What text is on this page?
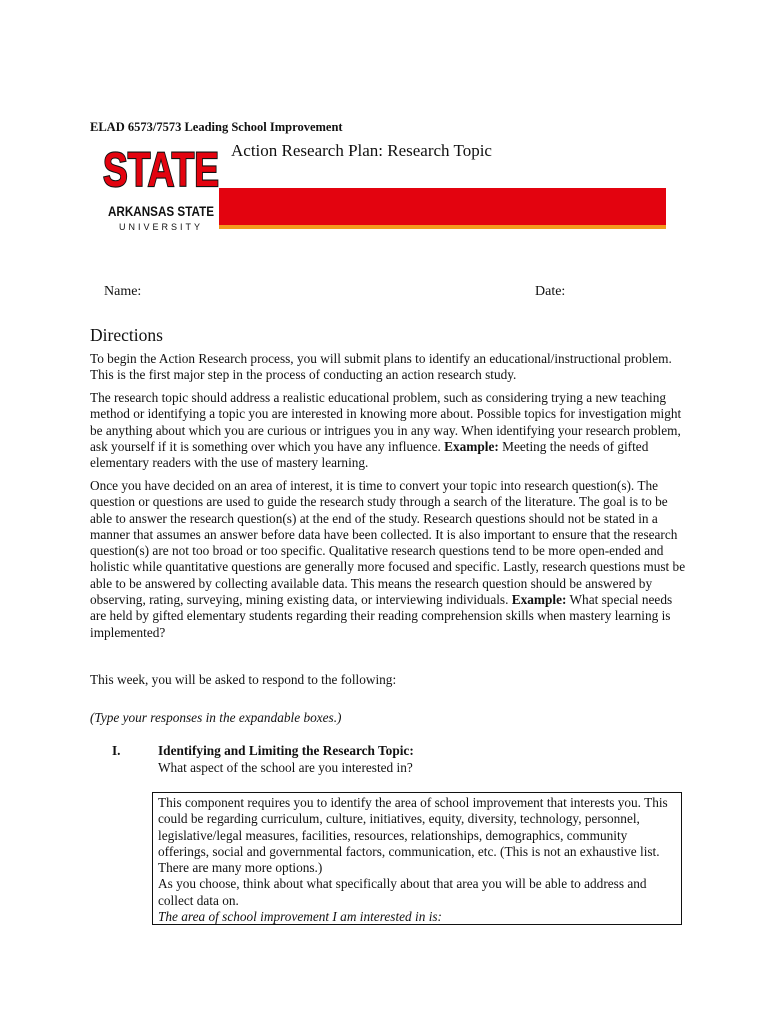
ELAD 6573/7573 Leading School Improvement
STATE
ARKANSAS STATE
UNIVERSITY
Action Research Plan: Research Topic
Name:	Date:
Directions
To begin the Action Research process, you will submit plans to identify an educational/instructional problem. This is the first major step in the process of conducting an action research study.
The research topic should address a realistic educational problem, such as considering trying a new teaching method or identifying a topic you are interested in knowing more about. Possible topics for investigation might be anything about which you are curious or intrigues you in any way. When identifying your research problem, ask yourself if it is something over which you have any influence. Example: Meeting the needs of gifted elementary readers with the use of mastery learning.
Once you have decided on an area of interest, it is time to convert your topic into research question(s). The question or questions are used to guide the research study through a search of the literature. The goal is to be able to answer the research question(s) at the end of the study. Research questions should not be stated in a manner that assumes an answer before data have been collected. It is also important to ensure that the research question(s) are not too broad or too specific. Qualitative research questions tend to be more open-ended and holistic while quantitative questions are generally more focused and specific. Lastly, research questions must be able to be answered by collecting available data. This means the research question should be answered by observing, rating, surveying, mining existing data, or interviewing individuals. Example: What special needs are held by gifted elementary students regarding their reading comprehension skills when mastery learning is implemented?
This week, you will be asked to respond to the following:
(Type your responses in the expandable boxes.)
I.	Identifying and Limiting the Research Topic:
What aspect of the school are you interested in?
This component requires you to identify the area of school improvement that interests you. This could be regarding curriculum, culture, initiatives, equity, diversity, technology, personnel, legislative/legal measures, facilities, resources, relationships, demographics, community offerings, social and governmental factors, communication, etc. (This is not an exhaustive list. There are many more options.)
As you choose, think about what specifically about that area you will be able to address and collect data on.
The area of school improvement I am interested in is:
